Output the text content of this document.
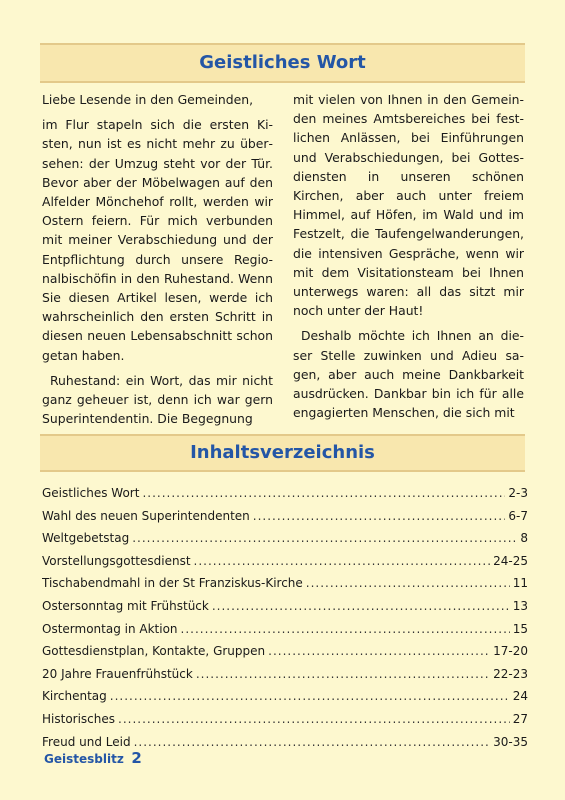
Geistliches Wort

Liebe Lesende in den Gemeinden,

im Flur stapeln sich die ersten Kisten, nun ist es nicht mehr zu übersehen: der Umzug steht vor der Tür. Bevor aber der Möbelwagen auf den Alfelder Mönchehof rollt, werden wir Ostern feiern. Für mich verbunden mit meiner Verabschiedung und der Entpflichtung durch unsere Regionalbischöfin in den Ruhestand. Wenn Sie diesen Artikel lesen, werde ich wahrscheinlich den ersten Schritt in diesen neuen Lebensabschnitt schon getan haben.

Ruhestand: ein Wort, das mir nicht ganz geheuer ist, denn ich war gern Superintendentin. Die Begegnung

mit vielen von Ihnen in den Gemeinden meines Amtsbereiches bei festlichen Anlässen, bei Einführungen und Verabschiedungen, bei Gottesdiensten in unseren schönen Kirchen, aber auch unter freiem Himmel, auf Höfen, im Wald und im Festzelt, die Taufengelwanderungen, die intensiven Gespräche, wenn wir mit dem Visitationsteam bei Ihnen unterwegs waren: all das sitzt mir noch unter der Haut!

Deshalb möchte ich Ihnen an dieser Stelle zuwinken und Adieu sagen, aber auch meine Dankbarkeit ausdrücken. Dankbar bin ich für alle engagierten Menschen, die sich mit

Inhaltsverzeichnis
Geistliches Wort .....	2-3
Wahl des neuen Superintendenten .....	6-7
Weltgebetstag .....	8
Vorstellungsgottesdienst .....	24-25
Tischabendmahl in der St Franziskus-Kirche .....	11
Ostersonntag mit Frühstück .....	13
Ostermontag in Aktion .....	15
Gottesdienstplan, Kontakte, Gruppen .....	17-20
20 Jahre Frauenfrühstück .....	22-23
Kirchentag .....	24
Historisches .....	27
Freud und Leid .....	30-35
Geistesblitz 2
